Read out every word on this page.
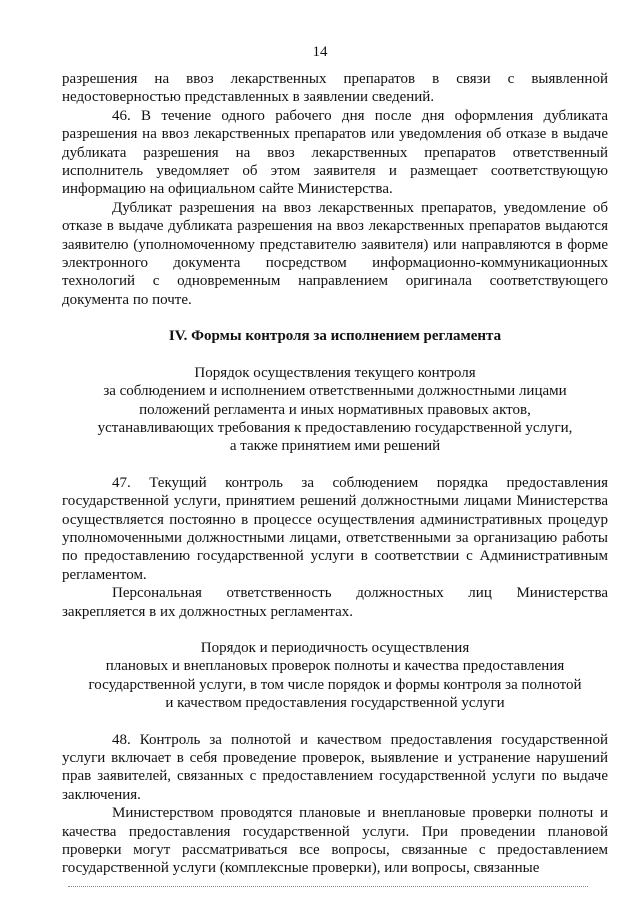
14

разрешения на ввоз лекарственных препаратов в связи с выявленной недостоверностью представленных в заявлении сведений.

46. В течение одного рабочего дня после дня оформления дубликата разрешения на ввоз лекарственных препаратов или уведомления об отказе в выдаче дубликата разрешения на ввоз лекарственных препаратов ответственный исполнитель уведомляет об этом заявителя и размещает соответствующую информацию на официальном сайте Министерства.

Дубликат разрешения на ввоз лекарственных препаратов, уведомление об отказе в выдаче дубликата разрешения на ввоз лекарственных препаратов выдаются заявителю (уполномоченному представителю заявителя) или направляются в форме электронного документа посредством информационно-коммуникационных технологий с одновременным направлением оригинала соответствующего документа по почте.

IV. Формы контроля за исполнением регламента

Порядок осуществления текущего контроля

за соблюдением и исполнением ответственными должностными лицами

положений регламента и иных нормативных правовых актов,

устанавливающих требования к предоставлению государственной услуги,

а также принятием ими решений

47. Текущий контроль за соблюдением порядка предоставления государственной услуги, принятием решений должностными лицами Министерства осуществляется постоянно в процессе осуществления административных процедур уполномоченными должностными лицами, ответственными за организацию работы по предоставлению государственной услуги в соответствии с Административным регламентом.

Персональная ответственность должностных лиц Министерства закрепляется в их должностных регламентах.

Порядок и периодичность осуществления

плановых и внеплановых проверок полноты и качества предоставления

государственной услуги, в том числе порядок и формы контроля за полнотой

и качеством предоставления государственной услуги

48. Контроль за полнотой и качеством предоставления государственной услуги включает в себя проведение проверок, выявление и устранение нарушений прав заявителей, связанных с предоставлением государственной услуги по выдаче заключения.

Министерством проводятся плановые и внеплановые проверки полноты и качества предоставления государственной услуги. При проведении плановой проверки могут рассматриваться все вопросы, связанные с предоставлением государственной услуги (комплексные проверки), или вопросы, связанные
